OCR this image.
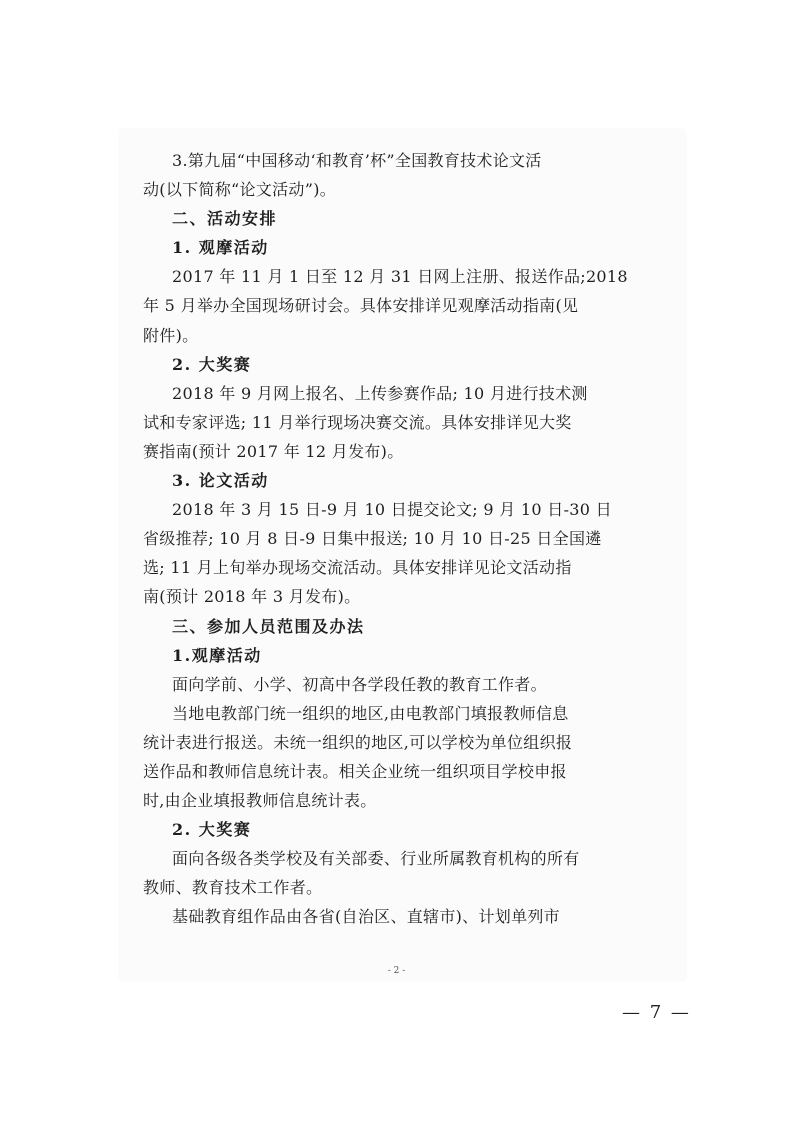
3.第九届“中国移动‘和教育’杯”全国教育技术论文活
动(以下简称“论文活动”)。
二、活动安排
1. 观摩活动
2017 年 11 月 1 日至 12 月 31 日网上注册、报送作品;2018
年 5 月举办全国现场研讨会。具体安排详见观摩活动指南(见
附件)。
2. 大奖赛
2018 年 9 月网上报名、上传参赛作品; 10 月进行技术测
试和专家评选; 11 月举行现场决赛交流。具体安排详见大奖
赛指南(预计 2017 年 12 月发布)。
3. 论文活动
2018 年 3 月 15 日-9 月 10 日提交论文; 9 月 10 日-30 日
省级推荐; 10 月 8 日-9 日集中报送; 10 月 10 日-25 日全国遴
选; 11 月上旬举办现场交流活动。具体安排详见论文活动指
南(预计 2018 年 3 月发布)。
三、参加人员范围及办法
1.观摩活动
面向学前、小学、初高中各学段任教的教育工作者。
当地电教部门统一组织的地区,由电教部门填报教师信息
统计表进行报送。未统一组织的地区,可以学校为单位组织报
送作品和教师信息统计表。相关企业统一组织项目学校申报
时,由企业填报教师信息统计表。
2. 大奖赛
面向各级各类学校及有关部委、行业所属教育机构的所有
教师、教育技术工作者。
基础教育组作品由各省(自治区、直辖市)、计划单列市
- 2 -
— 7 —
